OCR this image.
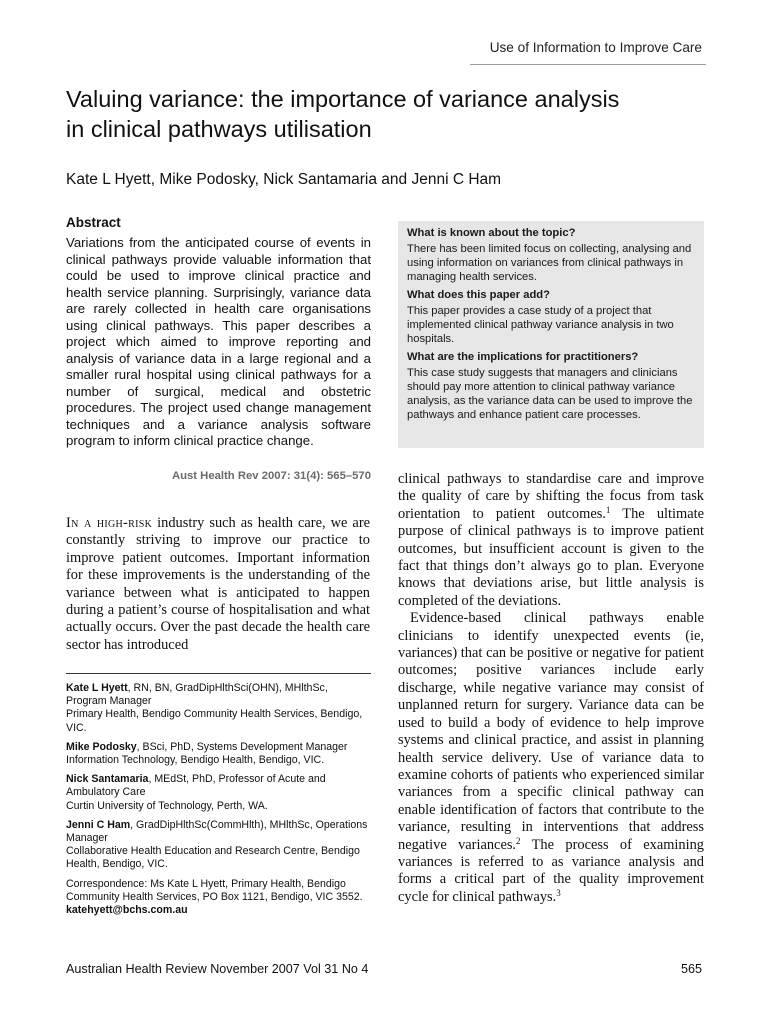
Use of Information to Improve Care
Valuing variance: the importance of variance analysis
in clinical pathways utilisation
Kate L Hyett, Mike Podosky, Nick Santamaria and Jenni C Ham
Abstract

Variations from the anticipated course of events in clinical pathways provide valuable information that could be used to improve clinical practice and health service planning. Surprisingly, variance data are rarely collected in health care organisations using clinical pathways. This paper describes a project which aimed to improve reporting and analysis of variance data in a large regional and a smaller rural hospital using clinical pathways for a number of surgical, medical and obstetric procedures. The project used change management techniques and a variance analysis software program to inform clinical practice change.

Aust Health Rev 2007: 31(4): 565–570

What is known about the topic?

There has been limited focus on collecting, analysing and using information on variances from clinical pathways in managing health services.

What does this paper add?

This paper provides a case study of a project that implemented clinical pathway variance analysis in two hospitals.

What are the implications for practitioners?

This case study suggests that managers and clinicians should pay more attention to clinical pathway variance analysis, as the variance data can be used to improve the pathways and enhance patient care processes.

In a high-risk industry such as health care, we are constantly striving to improve our practice to improve patient outcomes. Important information for these improvements is the understanding of the variance between what is anticipated to happen during a patient’s course of hospitalisation and what actually occurs. Over the past decade the health care sector has introduced

Kate L Hyett, RN, BN, GradDipHlthSci(OHN), MHlthSc, Program Manager
Primary Health, Bendigo Community Health Services, Bendigo, VIC.

Mike Podosky, BSci, PhD, Systems Development Manager
Information Technology, Bendigo Health, Bendigo, VIC.

Nick Santamaria, MEdSt, PhD, Professor of Acute and Ambulatory Care
Curtin University of Technology, Perth, WA.

Jenni C Ham, GradDipHlthSc(CommHlth), MHlthSc, Operations Manager
Collaborative Health Education and Research Centre, Bendigo Health, Bendigo, VIC.

Correspondence: Ms Kate L Hyett, Primary Health, Bendigo Community Health Services, PO Box 1121, Bendigo, VIC 3552. katehyett@bchs.com.au

clinical pathways to standardise care and improve the quality of care by shifting the focus from task orientation to patient outcomes.$^1$ The ultimate purpose of clinical pathways is to improve patient outcomes, but insufficient account is given to the fact that things don’t always go to plan. Everyone knows that deviations arise, but little analysis is completed of the deviations.

Evidence-based clinical pathways enable clinicians to identify unexpected events (ie, variances) that can be positive or negative for patient outcomes; positive variances include early discharge, while negative variance may consist of unplanned return for surgery. Variance data can be used to build a body of evidence to help improve systems and clinical practice, and assist in planning health service delivery. Use of variance data to examine cohorts of patients who experienced similar variances from a specific clinical pathway can enable identification of factors that contribute to the variance, resulting in interventions that address negative variances.$^2$ The process of examining variances is referred to as variance analysis and forms a critical part of the quality improvement cycle for clinical pathways.$^3$

Australian Health Review November 2007 Vol 31 No 4	565
